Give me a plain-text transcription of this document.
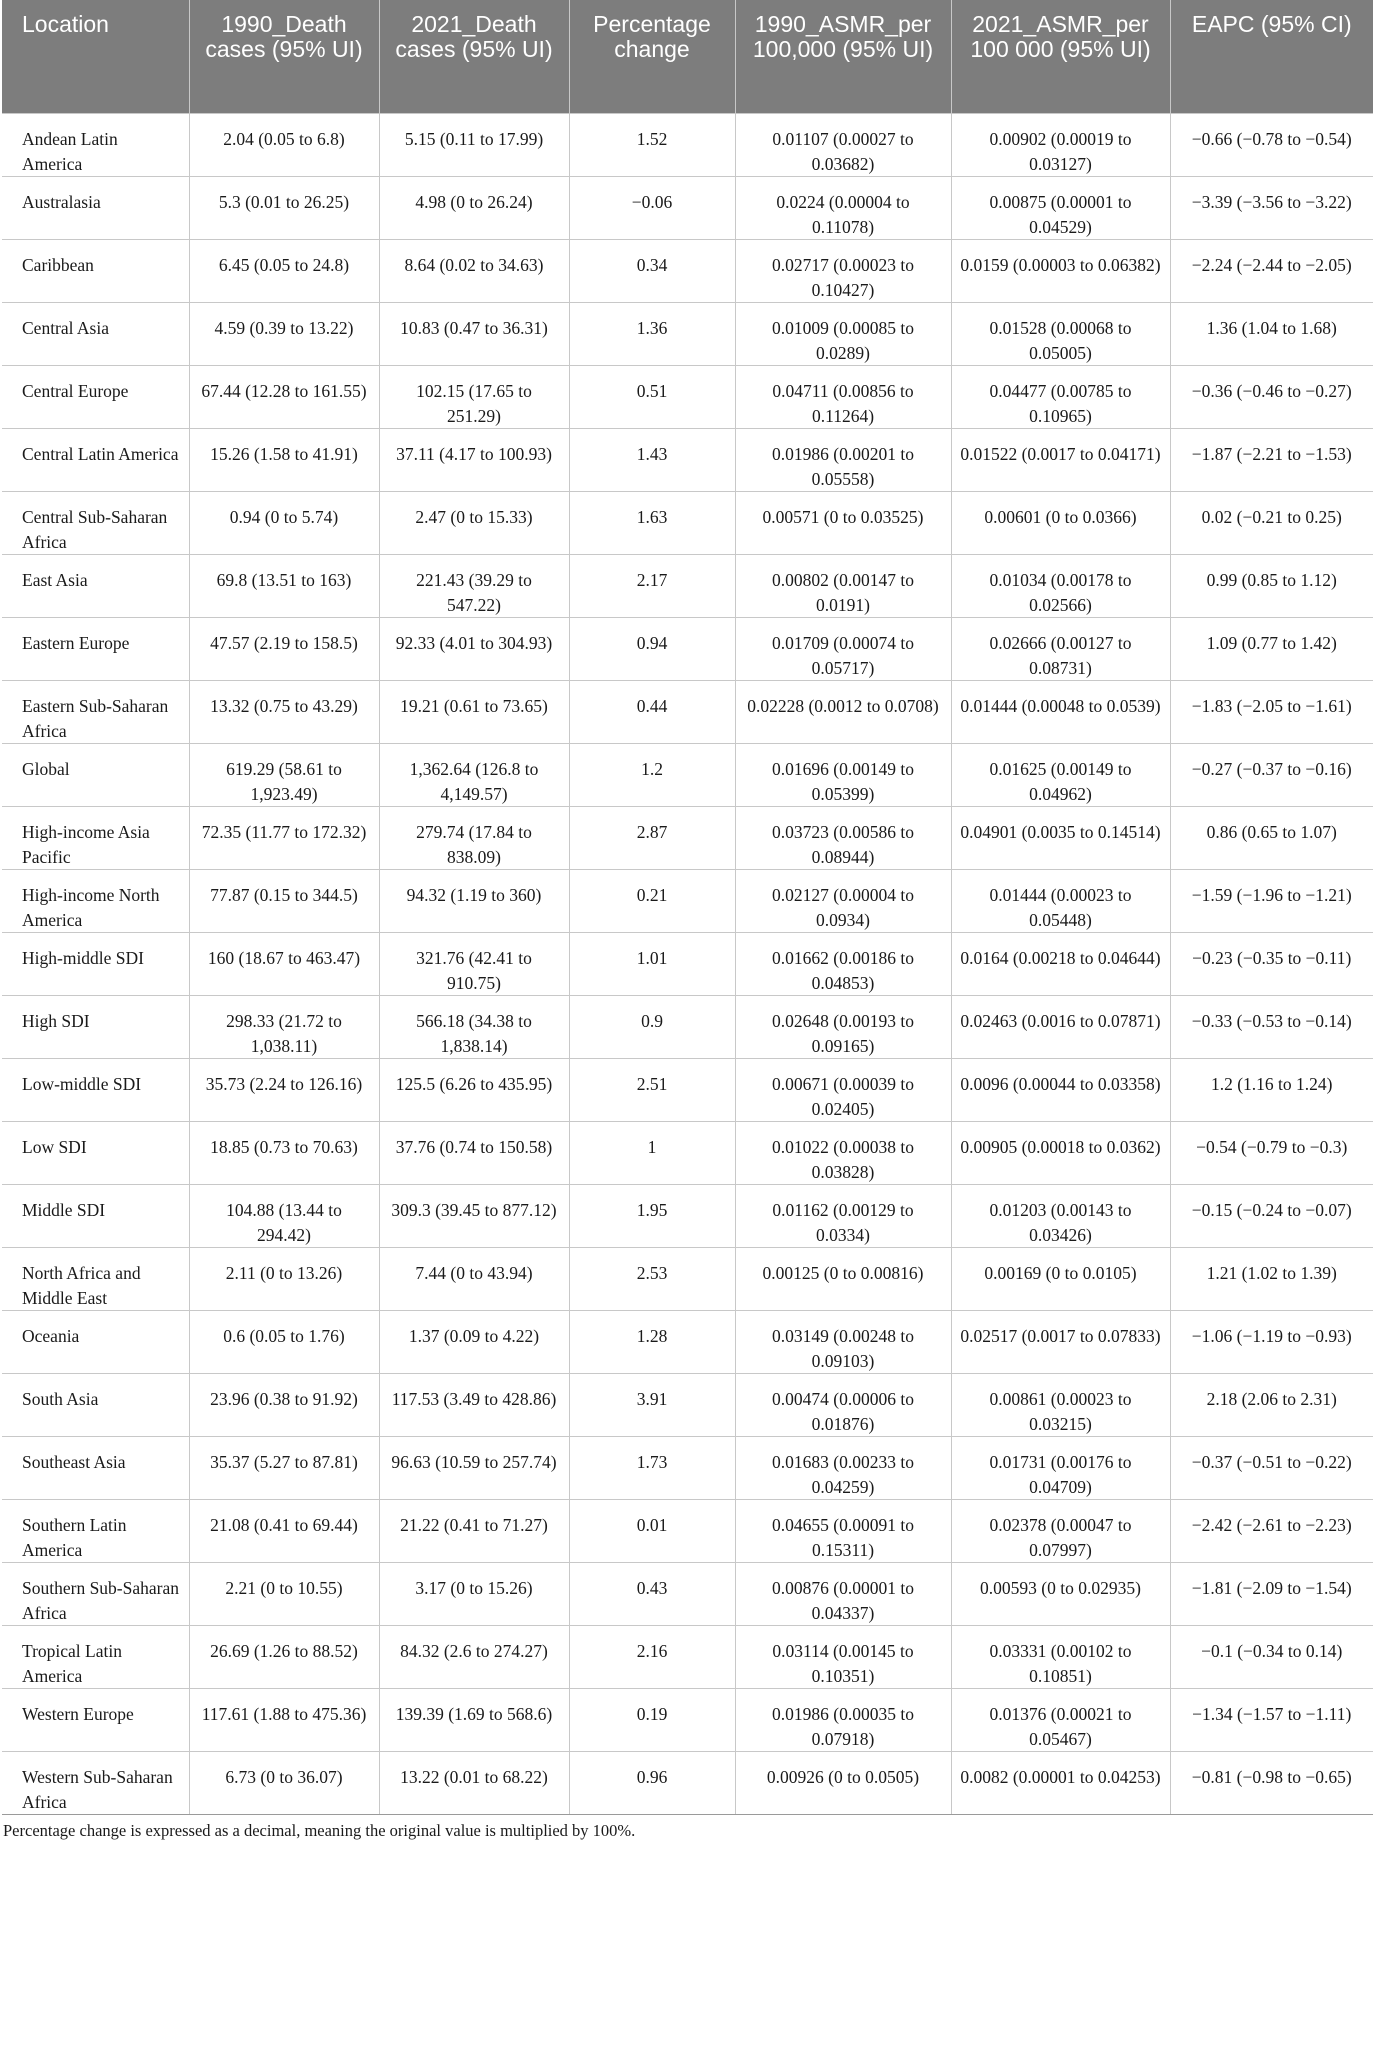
Location	1990_Death cases (95% UI)	2021_Death cases (95% UI)	Percentage change	1990_ASMR_per 100,000 (95% UI)	2021_ASMR_per 100 000 (95% UI)	EAPC (95% CI)
Andean Latin America	2.04 (0.05 to 6.8)	5.15 (0.11 to 17.99)	1.52	0.01107 (0.00027 to 0.03682)	0.00902 (0.00019 to 0.03127)	−0.66 (−0.78 to −0.54)
Australasia	5.3 (0.01 to 26.25)	4.98 (0 to 26.24)	−0.06	0.0224 (0.00004 to 0.11078)	0.00875 (0.00001 to 0.04529)	−3.39 (−3.56 to −3.22)
Caribbean	6.45 (0.05 to 24.8)	8.64 (0.02 to 34.63)	0.34	0.02717 (0.00023 to 0.10427)	0.0159 (0.00003 to 0.06382)	−2.24 (−2.44 to −2.05)
Central Asia	4.59 (0.39 to 13.22)	10.83 (0.47 to 36.31)	1.36	0.01009 (0.00085 to 0.0289)	0.01528 (0.00068 to 0.05005)	1.36 (1.04 to 1.68)
Central Europe	67.44 (12.28 to 161.55)	102.15 (17.65 to 251.29)	0.51	0.04711 (0.00856 to 0.11264)	0.04477 (0.00785 to 0.10965)	−0.36 (−0.46 to −0.27)
Central Latin America	15.26 (1.58 to 41.91)	37.11 (4.17 to 100.93)	1.43	0.01986 (0.00201 to 0.05558)	0.01522 (0.0017 to 0.04171)	−1.87 (−2.21 to −1.53)
Central Sub-Saharan Africa	0.94 (0 to 5.74)	2.47 (0 to 15.33)	1.63	0.00571 (0 to 0.03525)	0.00601 (0 to 0.0366)	0.02 (−0.21 to 0.25)
East Asia	69.8 (13.51 to 163)	221.43 (39.29 to 547.22)	2.17	0.00802 (0.00147 to 0.0191)	0.01034 (0.00178 to 0.02566)	0.99 (0.85 to 1.12)
Eastern Europe	47.57 (2.19 to 158.5)	92.33 (4.01 to 304.93)	0.94	0.01709 (0.00074 to 0.05717)	0.02666 (0.00127 to 0.08731)	1.09 (0.77 to 1.42)
Eastern Sub-Saharan Africa	13.32 (0.75 to 43.29)	19.21 (0.61 to 73.65)	0.44	0.02228 (0.0012 to 0.0708)	0.01444 (0.00048 to 0.0539)	−1.83 (−2.05 to −1.61)
Global	619.29 (58.61 to 1,923.49)	1,362.64 (126.8 to 4,149.57)	1.2	0.01696 (0.00149 to 0.05399)	0.01625 (0.00149 to 0.04962)	−0.27 (−0.37 to −0.16)
High-income Asia Pacific	72.35 (11.77 to 172.32)	279.74 (17.84 to 838.09)	2.87	0.03723 (0.00586 to 0.08944)	0.04901 (0.0035 to 0.14514)	0.86 (0.65 to 1.07)
High-income North America	77.87 (0.15 to 344.5)	94.32 (1.19 to 360)	0.21	0.02127 (0.00004 to 0.0934)	0.01444 (0.00023 to 0.05448)	−1.59 (−1.96 to −1.21)
High-middle SDI	160 (18.67 to 463.47)	321.76 (42.41 to 910.75)	1.01	0.01662 (0.00186 to 0.04853)	0.0164 (0.00218 to 0.04644)	−0.23 (−0.35 to −0.11)
High SDI	298.33 (21.72 to 1,038.11)	566.18 (34.38 to 1,838.14)	0.9	0.02648 (0.00193 to 0.09165)	0.02463 (0.0016 to 0.07871)	−0.33 (−0.53 to −0.14)
Low-middle SDI	35.73 (2.24 to 126.16)	125.5 (6.26 to 435.95)	2.51	0.00671 (0.00039 to 0.02405)	0.0096 (0.00044 to 0.03358)	1.2 (1.16 to 1.24)
Low SDI	18.85 (0.73 to 70.63)	37.76 (0.74 to 150.58)	1	0.01022 (0.00038 to 0.03828)	0.00905 (0.00018 to 0.0362)	−0.54 (−0.79 to −0.3)
Middle SDI	104.88 (13.44 to 294.42)	309.3 (39.45 to 877.12)	1.95	0.01162 (0.00129 to 0.0334)	0.01203 (0.00143 to 0.03426)	−0.15 (−0.24 to −0.07)
North Africa and Middle East	2.11 (0 to 13.26)	7.44 (0 to 43.94)	2.53	0.00125 (0 to 0.00816)	0.00169 (0 to 0.0105)	1.21 (1.02 to 1.39)
Oceania	0.6 (0.05 to 1.76)	1.37 (0.09 to 4.22)	1.28	0.03149 (0.00248 to 0.09103)	0.02517 (0.0017 to 0.07833)	−1.06 (−1.19 to −0.93)
South Asia	23.96 (0.38 to 91.92)	117.53 (3.49 to 428.86)	3.91	0.00474 (0.00006 to 0.01876)	0.00861 (0.00023 to 0.03215)	2.18 (2.06 to 2.31)
Southeast Asia	35.37 (5.27 to 87.81)	96.63 (10.59 to 257.74)	1.73	0.01683 (0.00233 to 0.04259)	0.01731 (0.00176 to 0.04709)	−0.37 (−0.51 to −0.22)
Southern Latin America	21.08 (0.41 to 69.44)	21.22 (0.41 to 71.27)	0.01	0.04655 (0.00091 to 0.15311)	0.02378 (0.00047 to 0.07997)	−2.42 (−2.61 to −2.23)
Southern Sub-Saharan Africa	2.21 (0 to 10.55)	3.17 (0 to 15.26)	0.43	0.00876 (0.00001 to 0.04337)	0.00593 (0 to 0.02935)	−1.81 (−2.09 to −1.54)
Tropical Latin America	26.69 (1.26 to 88.52)	84.32 (2.6 to 274.27)	2.16	0.03114 (0.00145 to 0.10351)	0.03331 (0.00102 to 0.10851)	−0.1 (−0.34 to 0.14)
Western Europe	117.61 (1.88 to 475.36)	139.39 (1.69 to 568.6)	0.19	0.01986 (0.00035 to 0.07918)	0.01376 (0.00021 to 0.05467)	−1.34 (−1.57 to −1.11)
Western Sub-Saharan Africa	6.73 (0 to 36.07)	13.22 (0.01 to 68.22)	0.96	0.00926 (0 to 0.0505)	0.0082 (0.00001 to 0.04253)	−0.81 (−0.98 to −0.65)
Percentage change is expressed as a decimal, meaning the original value is multiplied by 100%.
